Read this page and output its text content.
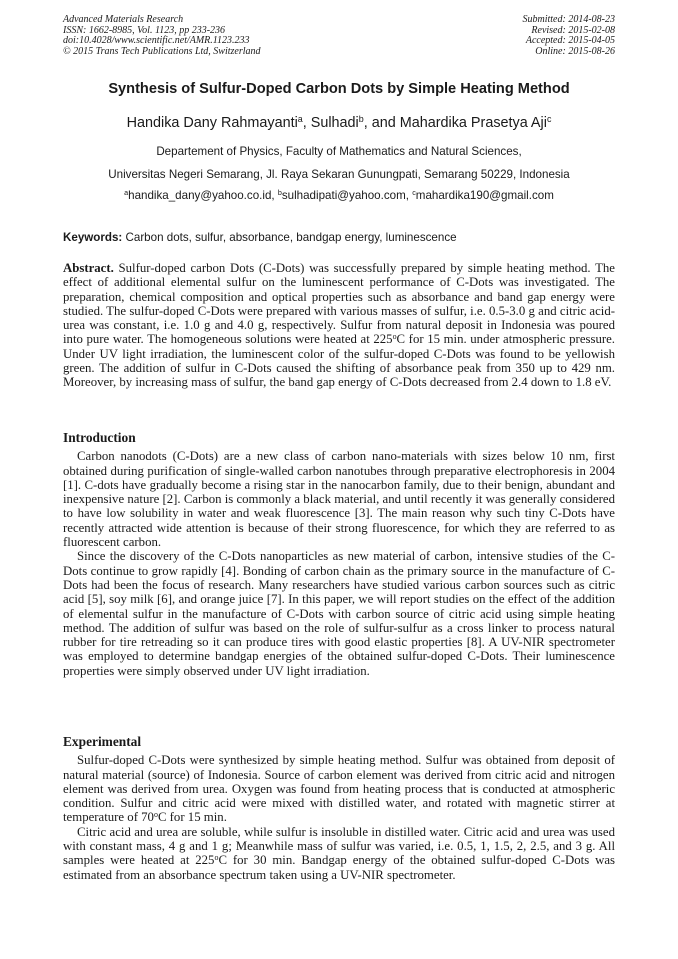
Advanced Materials Research
ISSN: 1662-8985, Vol. 1123, pp 233-236
doi:10.4028/www.scientific.net/AMR.1123.233
© 2015 Trans Tech Publications Ltd, Switzerland
Submitted: 2014-08-23
Revised: 2015-02-08
Accepted: 2015-04-05
Online: 2015-08-26
Synthesis of Sulfur-Doped Carbon Dots by Simple Heating Method
Handika Dany Rahmayanti$^a$, Sulhadi$^b$, and Mahardika Prasetya Aji$^c$
Departement of Physics, Faculty of Mathematics and Natural Sciences,
Universitas Negeri Semarang, Jl. Raya Sekaran Gunungpati, Semarang 50229, Indonesia
$^a$handika_dany@yahoo.co.id, $^b$sulhadipati@yahoo.com, $^c$mahardika190@gmail.com
Keywords: Carbon dots, sulfur, absorbance, bandgap energy, luminescence

Abstract. Sulfur-doped carbon Dots (C-Dots) was successfully prepared by simple heating method. The effect of additional elemental sulfur on the luminescent performance of C-Dots was investigated. The preparation, chemical composition and optical properties such as absorbance and band gap energy were studied. The sulfur-doped C-Dots were prepared with various masses of sulfur, i.e. 0.5-3.0 g and citric acid-urea was constant, i.e. 1.0 g and 4.0 g, respectively. Sulfur from natural deposit in Indonesia was poured into pure water. The homogeneous solutions were heated at 225$^o$C for 15 min. under atmospheric pressure. Under UV light irradiation, the luminescent color of the sulfur-doped C-Dots was found to be yellowish green. The addition of sulfur in C-Dots caused the shifting of absorbance peak from 350 up to 429 nm. Moreover, by increasing mass of sulfur, the band gap energy of C-Dots decreased from 2.4 down to 1.8 eV.

Introduction

Carbon nanodots (C-Dots) are a new class of carbon nano-materials with sizes below 10 nm, first obtained during purification of single-walled carbon nanotubes through preparative electrophoresis in 2004 [1]. C-dots have gradually become a rising star in the nanocarbon family, due to their benign, abundant and inexpensive nature [2]. Carbon is commonly a black material, and until recently it was generally considered to have low solubility in water and weak fluorescence [3]. The main reason why such tiny C-Dots have recently attracted wide attention is because of their strong fluorescence, for which they are referred to as fluorescent carbon.

Since the discovery of the C-Dots nanoparticles as new material of carbon, intensive studies of the C-Dots continue to grow rapidly [4]. Bonding of carbon chain as the primary source in the manufacture of C-Dots had been the focus of research. Many researchers have studied various carbon sources such as citric acid [5], soy milk [6], and orange juice [7]. In this paper, we will report studies on the effect of the addition of elemental sulfur in the manufacture of C-Dots with carbon source of citric acid using simple heating method. The addition of sulfur was based on the role of sulfur-sulfur as a cross linker to process natural rubber for tire retreading so it can produce tires with good elastic properties [8]. A UV-NIR spectrometer was employed to determine bandgap energies of the obtained sulfur-doped C-Dots. Their luminescence properties were simply observed under UV light irradiation.

Experimental

Sulfur-doped C-Dots were synthesized by simple heating method. Sulfur was obtained from deposit of natural material (source) of Indonesia. Source of carbon element was derived from citric acid and nitrogen element was derived from urea. Oxygen was found from heating process that is conducted at atmospheric condition. Sulfur and citric acid were mixed with distilled water, and rotated with magnetic stirrer at temperature of 70$^o$C for 15 min.

Citric acid and urea are soluble, while sulfur is insoluble in distilled water. Citric acid and urea was used with constant mass, 4 g and 1 g; Meanwhile mass of sulfur was varied, i.e. 0.5, 1, 1.5, 2, 2.5, and 3 g. All samples were heated at 225$^o$C for 30 min. Bandgap energy of the obtained sulfur-doped C-Dots was estimated from an absorbance spectrum taken using a UV-NIR spectrometer.
